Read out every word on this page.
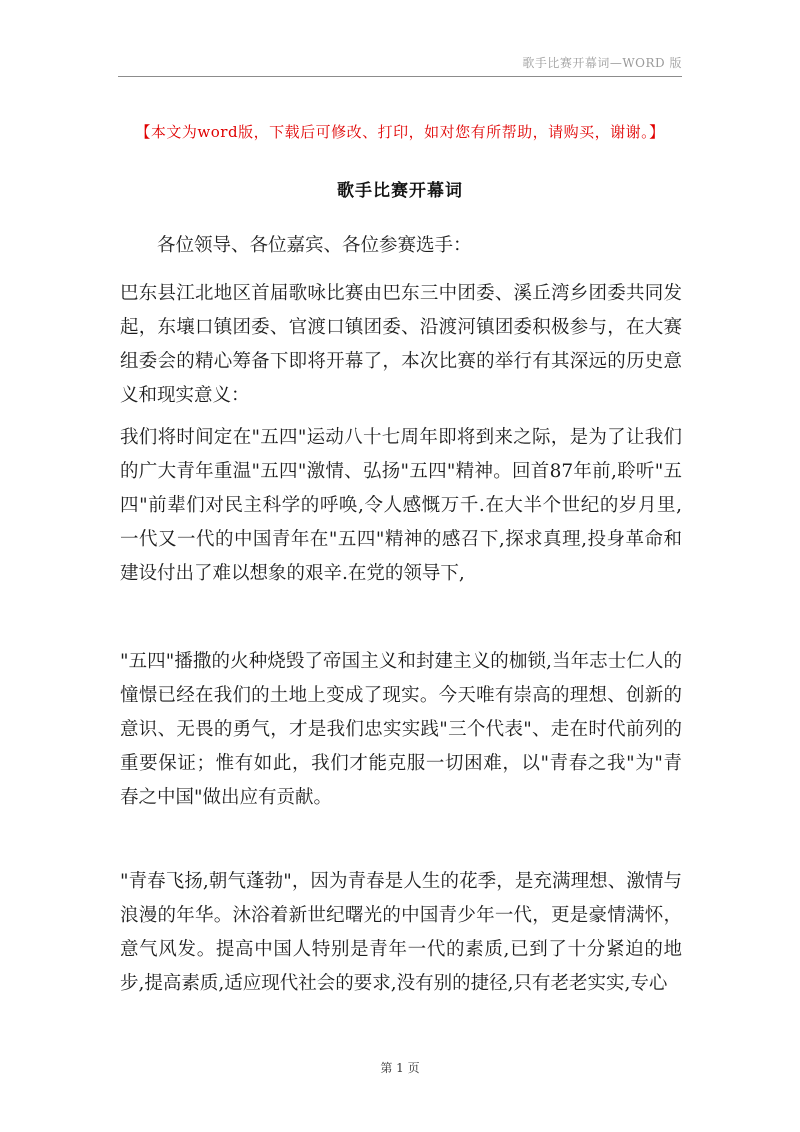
歌手比赛开幕词—WORD 版
【本文为word版，下载后可修改、打印，如对您有所帮助，请购买，谢谢。】
歌手比赛开幕词
各位领导、各位嘉宾、各位参赛选手：
巴东县江北地区首届歌咏比赛由巴东三中团委、溪丘湾乡团委共同发起，东壤口镇团委、官渡口镇团委、沿渡河镇团委积极参与，在大赛组委会的精心筹备下即将开幕了，本次比赛的举行有其深远的历史意义和现实意义：
我们将时间定在"五四"运动八十七周年即将到来之际，是为了让我们的广大青年重温"五四"激情、弘扬"五四"精神。回首87年前,聆听"五四"前辈们对民主科学的呼唤,令人感慨万千.在大半个世纪的岁月里,一代又一代的中国青年在"五四"精神的感召下,探求真理,投身革命和建设付出了难以想象的艰辛.在党的领导下,
"五四"播撒的火种烧毁了帝国主义和封建主义的枷锁,当年志士仁人的憧憬已经在我们的土地上变成了现实。今天唯有崇高的理想、创新的意识、无畏的勇气，才是我们忠实实践"三个代表"、走在时代前列的重要保证；惟有如此，我们才能克服一切困难，以"青春之我"为"青春之中国"做出应有贡献。
"青春飞扬,朝气蓬勃"，因为青春是人生的花季，是充满理想、激情与浪漫的年华。沐浴着新世纪曙光的中国青少年一代，更是豪情满怀，意气风发。提高中国人特别是青年一代的素质,已到了十分紧迫的地步,提高素质,适应现代社会的要求,没有别的捷径,只有老老实实,专心
第 1 页
